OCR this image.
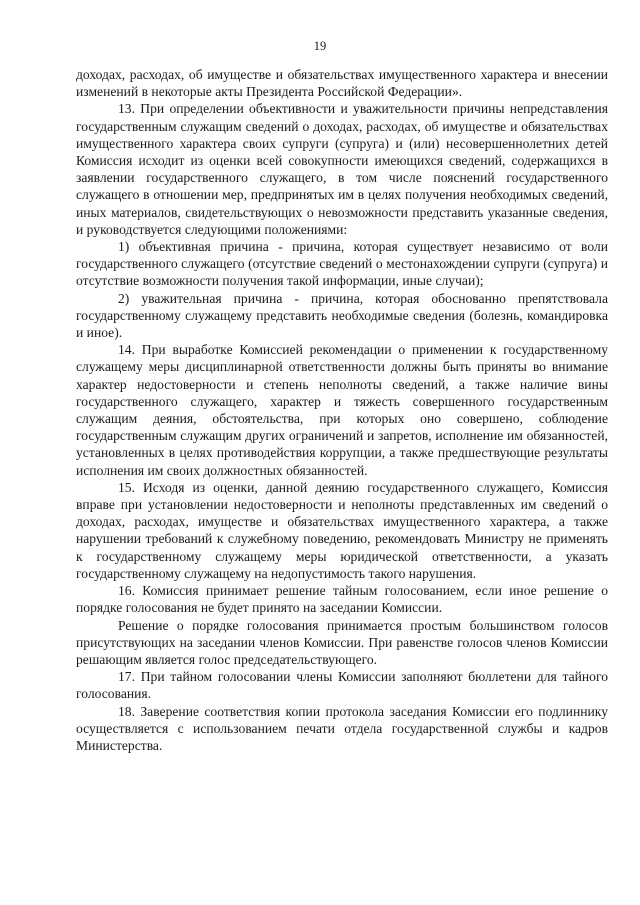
19

доходах, расходах, об имуществе и обязательствах имущественного характера и внесении изменений в некоторые акты Президента Российской Федерации».

13. При определении объективности и уважительности причины непредставления государственным служащим сведений о доходах, расходах, об имуществе и обязательствах имущественного характера своих супруги (супруга) и (или) несовершеннолетних детей Комиссия исходит из оценки всей совокупности имеющихся сведений, содержащихся в заявлении государственного служащего, в том числе пояснений государственного служащего в отношении мер, предпринятых им в целях получения необходимых сведений, иных материалов, свидетельствующих о невозможности представить указанные сведения, и руководствуется следующими положениями:

1) объективная причина - причина, которая существует независимо от воли государственного служащего (отсутствие сведений о местонахождении супруги (супруга) и отсутствие возможности получения такой информации, иные случаи);

2) уважительная причина - причина, которая обоснованно препятствовала государственному служащему представить необходимые сведения (болезнь, командировка и иное).

14. При выработке Комиссией рекомендации о применении к государственному служащему меры дисциплинарной ответственности должны быть приняты во внимание характер недостоверности и степень неполноты сведений, а также наличие вины государственного служащего, характер и тяжесть совершенного государственным служащим деяния, обстоятельства, при которых оно совершено, соблюдение государственным служащим других ограничений и запретов, исполнение им обязанностей, установленных в целях противодействия коррупции, а также предшествующие результаты исполнения им своих должностных обязанностей.

15. Исходя из оценки, данной деянию государственного служащего, Комиссия вправе при установлении недостоверности и неполноты представленных им сведений о доходах, расходах, имуществе и обязательствах имущественного характера, а также нарушении требований к служебному поведению, рекомендовать Министру не применять к государственному служащему меры юридической ответственности, а указать государственному служащему на недопустимость такого нарушения.

16. Комиссия принимает решение тайным голосованием, если иное решение о порядке голосования не будет принято на заседании Комиссии.

Решение о порядке голосования принимается простым большинством голосов присутствующих на заседании членов Комиссии. При равенстве голосов членов Комиссии решающим является голос председательствующего.

17. При тайном голосовании члены Комиссии заполняют бюллетени для тайного голосования.

18. Заверение соответствия копии протокола заседания Комиссии его подлиннику осуществляется с использованием печати отдела государственной службы и кадров Министерства.
